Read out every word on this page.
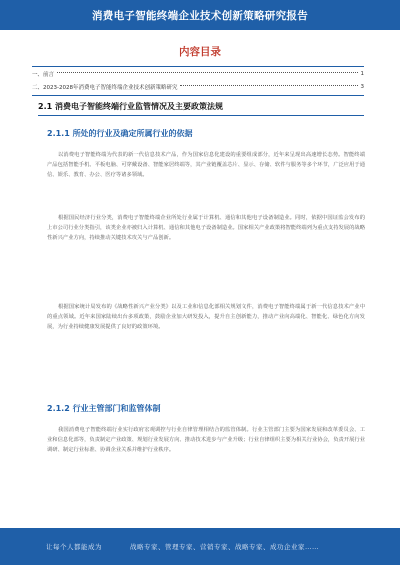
消费电子智能终端企业技术创新策略研究报告
内容目录
一、前言	1
二、2023-2028年消费电子智能终端企业技术创新策略研究	3
2.1 消费电子智能终端行业监管情况及主要政策法规
2.1.1 所处的行业及确定所属行业的依据
以消费电子智能终端为代表的新一代信息技术产品，作为国家信息化建设的重要组成部分，近年来呈现出高速增长态势。智能终端产品包括智能手机、平板电脑、可穿戴设备、智能家居终端等，其产业链覆盖芯片、显示、存储、软件与服务等多个环节，广泛应用于通信、娱乐、教育、办公、医疗等诸多领域。
根据国民经济行业分类，消费电子智能终端企业所处行业属于计算机、通信和其他电子设备制造业。同时，依据中国证监会发布的上市公司行业分类指引，该类企业亦被归入计算机、通信和其他电子设备制造业。国家相关产业政策将智能终端列为重点支持发展的战略性新兴产业方向，持续推动关键技术攻关与产品创新。
根据国家统计局发布的《战略性新兴产业分类》以及工业和信息化部相关规划文件，消费电子智能终端属于新一代信息技术产业中的重点领域。近年来国家陆续出台多项政策，鼓励企业加大研发投入，提升自主创新能力，推动产业向高端化、智能化、绿色化方向发展，为行业持续健康发展提供了良好的政策环境。
2.1.2 行业主管部门和监管体制
我国消费电子智能终端行业实行政府宏观调控与行业自律管理相结合的监管体制。行业主管部门主要为国家发展和改革委员会、工业和信息化部等，负责制定产业政策、规划行业发展方向、推动技术进步与产业升级；行业自律组织主要为相关行业协会，负责开展行业调研、制定行业标准、协调企业关系并维护行业秩序。
让每个人都能成为	战略专家、管理专家、营销专家、战略专家、成功企业家……
